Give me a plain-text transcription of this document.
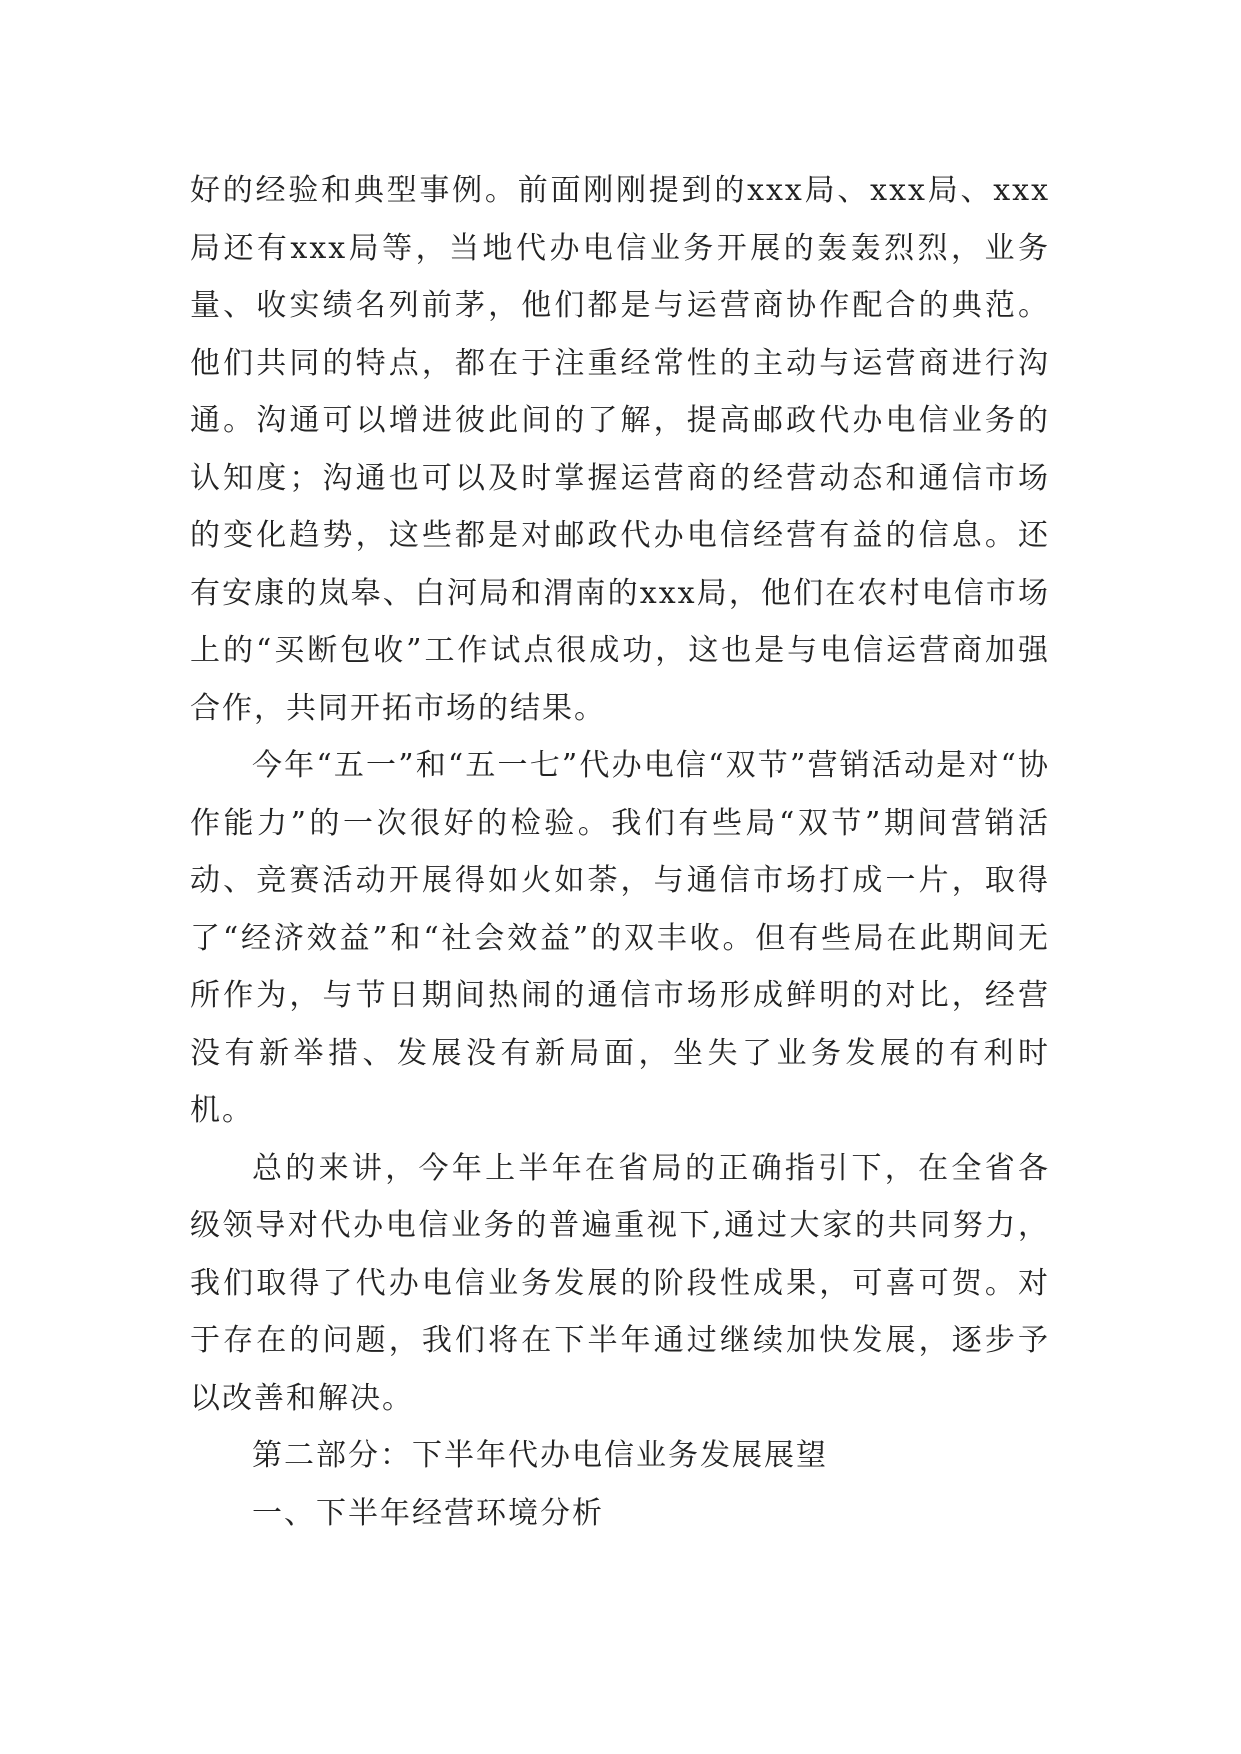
好的经验和典型事例。前面刚刚提到的xxx局、xxx局、xxx局还有xxx局等，当地代办电信业务开展的轰轰烈烈，业务量、收实绩名列前茅，他们都是与运营商协作配合的典范。他们共同的特点，都在于注重经常性的主动与运营商进行沟通。沟通可以增进彼此间的了解，提高邮政代办电信业务的认知度；沟通也可以及时掌握运营商的经营动态和通信市场的变化趋势，这些都是对邮政代办电信经营有益的信息。还有安康的岚皋、白河局和渭南的xxx局，他们在农村电信市场上的“买断包收”工作试点很成功，这也是与电信运营商加强合作，共同开拓市场的结果。

今年“五一”和“五一七”代办电信“双节”营销活动是对“协作能力”的一次很好的检验。我们有些局“双节”期间营销活动、竞赛活动开展得如火如荼，与通信市场打成一片，取得了“经济效益”和“社会效益”的双丰收。但有些局在此期间无所作为，与节日期间热闹的通信市场形成鲜明的对比，经营没有新举措、发展没有新局面，坐失了业务发展的有利时机。

总的来讲，今年上半年在省局的正确指引下，在全省各级领导对代办电信业务的普遍重视下,通过大家的共同努力，我们取得了代办电信业务发展的阶段性成果，可喜可贺。对于存在的问题，我们将在下半年通过继续加快发展，逐步予以改善和解决。

第二部分：下半年代办电信业务发展展望

一、下半年经营环境分析
